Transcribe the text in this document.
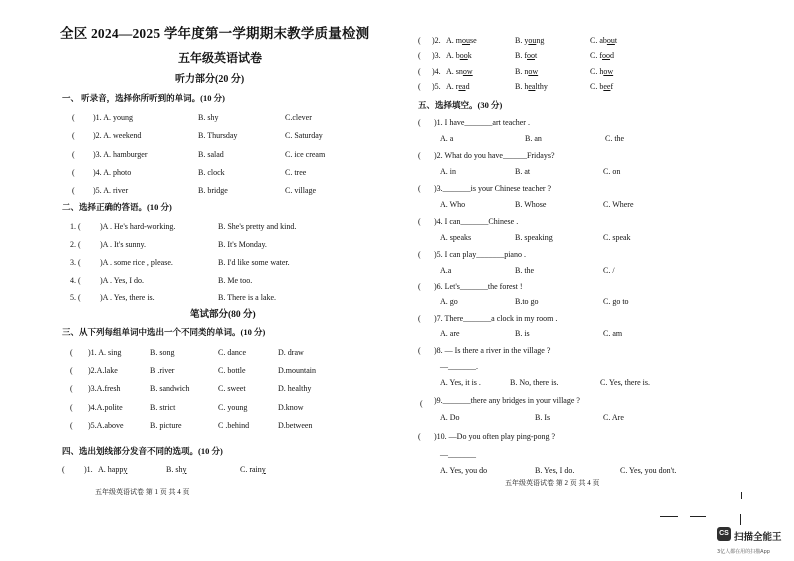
全区 2024—2025 学年度第一学期期末教学质量检测
五年级英语试卷
听力部分(20 分)
一、 听录音，选择你所听到的单词。(10 分)
( )1. A. young	B. shy	C.clever
( )2. A. weekend	B. Thursday	C. Saturday
( )3. A. hamburger	B. salad	C. ice cream
( )4. A. photo	B. clock	C. tree
( )5. A. river	B. bridge	C. village
二、选择正确的答语。(10 分)
1. ( )A . He's hard-working.	B. She's pretty and kind.
2. ( )A . It's sunny.	B. It's Monday.
3. ( )A . some rice , please.	B. I'd like some water.
4. ( )A . Yes, I do.	B. Me too.
5. ( )A . Yes, there is.	B. There is a lake.
笔试部分(80 分)
三、从下列每组单词中选出一个不同类的单词。(10 分)
( )1. A. sing	B. song	C. dance	D. draw
( )2.A.lake	B .river	C. bottle	D.mountain
( )3.A.fresh	B. sandwich	C. sweet	D. healthy
( )4.A.polite	B. strict	C. young	D.know
( )5.A.above	B. picture	C .behind	D.between
四、选出划线部分发音不同的选项。(10 分)
( )1. A. happy	B. shy	C. rainy
五年级英语试卷 第 1 页 共 4 页
( )2. A. mouse	B. young	C. about
( )3. A. book	B. foot	C. food
( )4. A. snow	B. now	C. how
( )5. A. read	B. healthy	C. beef
五、选择填空。(30 分)
( )1. I have_______art teacher .
A. a	B. an	C. the
( )2. What do you have______Fridays?
A. in	B. at	C. on
( )3._______is your Chinese teacher ?
A. Who	B. Whose	C. Where
( )4. I can_______Chinese .
A. speaks	B. speaking	C. speak
( )5. I can play_______piano .
A.a	B. the	C. /
( )6. Let's_______the forest !
A. go	B.to go	C. go to
( )7. There_______a clock in my room .
A. are	B. is	C. am
( )8. — Is there a river in the village ?
—_______.
A. Yes, it is .	B. No, there is.	C. Yes, there is.
( )9._______there any bridges in your village ?
A. Do	B. Is	C. Are
( )10. —Do you often play ping-pong ?
—_______
A. Yes, you do	B. Yes, I do.	C. Yes, you don't.
五年级英语试卷 第 2 页 共 4 页
CS 扫描全能王
3亿人都在用的扫描App
